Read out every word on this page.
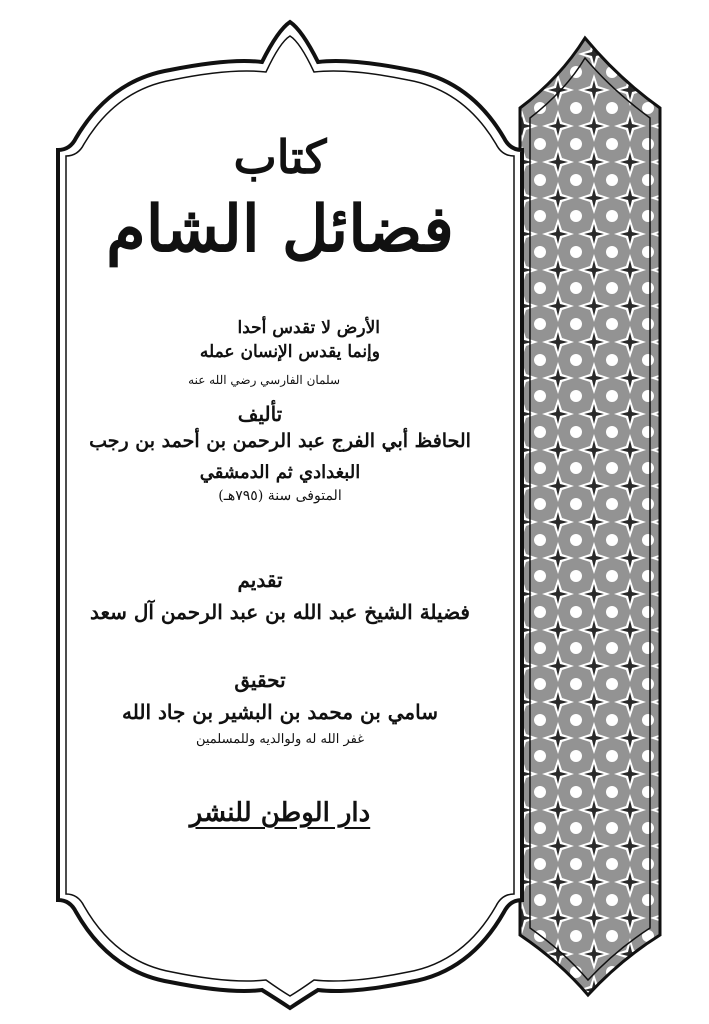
كتاب
فضائل الشام
الأرض لا تقدس أحدا
وإنما يقدس الإنسان عمله
سلمان الفارسي رضي الله عنه
تأليف
الحافظ أبي الفرج عبد الرحمن بن أحمد بن رجب
البغدادي ثم الدمشقي
المتوفى سنة (٧٩٥هـ)
تقديم
فضيلة الشيخ عبد الله بن عبد الرحمن آل سعد
تحقيق
سامي بن محمد بن البشير بن جاد الله
غفر الله له ولوالديه وللمسلمين
دار الوطن للنشر
